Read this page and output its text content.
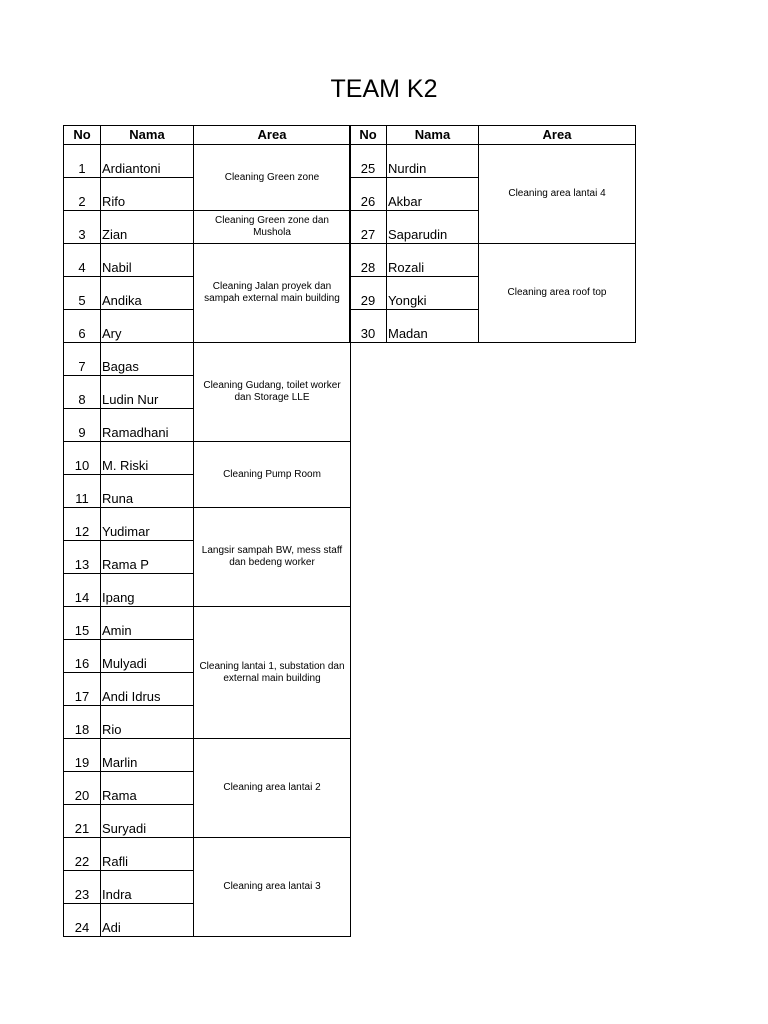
TEAM K2
No	Nama	Area
1	Ardiantoni	Cleaning Green zone

2	Rifo	
3	Zian	Cleaning Green zone dan Mushola

4	Nabil	Cleaning Jalan proyek dan sampah external main building

5	Andika	
6	Ary	
7	Bagas	Cleaning Gudang, toilet worker dan Storage LLE

8	Ludin Nur	
9	Ramadhani	
10	M. Riski	Cleaning Pump Room

11	Runa	
12	Yudimar	Langsir sampah BW, mess staff dan bedeng worker

13	Rama P	
14	Ipang	
15	Amin	Cleaning lantai 1, substation dan external main building

16	Mulyadi	
17	Andi Idrus	
18	Rio	
19	Marlin	Cleaning area lantai 2

20	Rama	
21	Suryadi	
22	Rafli	Cleaning area lantai 3

23	Indra	
24	Adi	
No	Nama	Area
25	Nurdin	Cleaning area lantai 4

26	Akbar	
27	Saparudin	
28	Rozali	Cleaning area roof top

29	Yongki	
30	Madan	
